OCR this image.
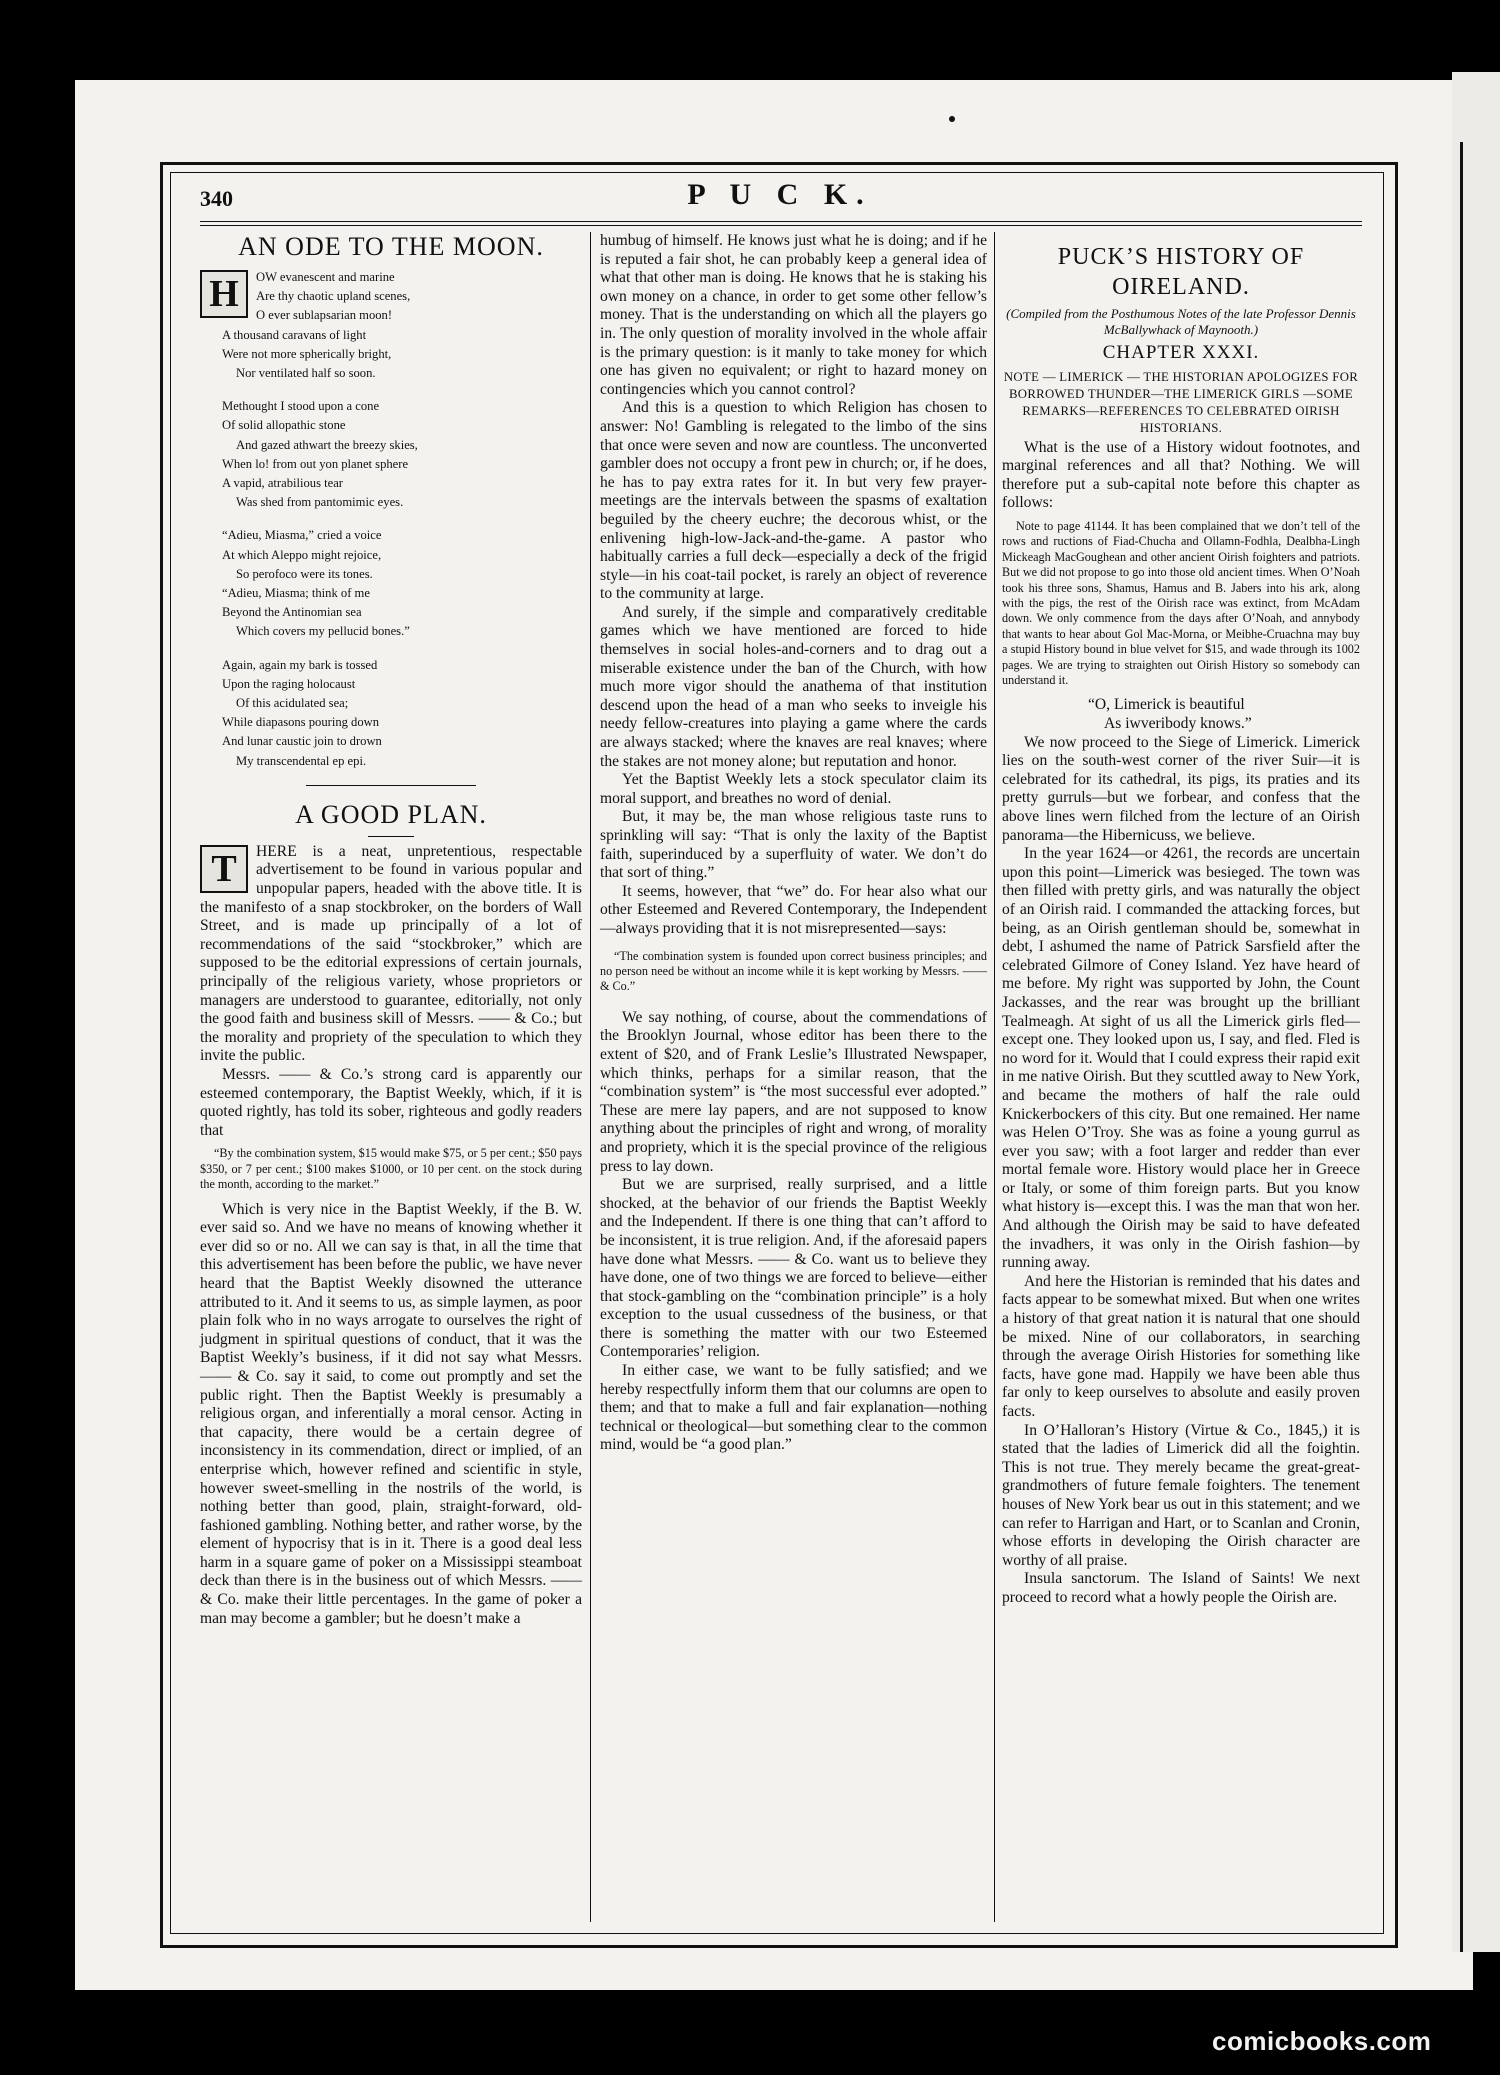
340	P U C K.
AN ODE TO THE MOON.
H	OW evanescent and marine
Are thy chaotic upland scenes,
O ever sublapsarian moon!
A thousand caravans of light
Were not more spherically bright,
Nor ventilated half so soon.
Methought I stood upon a cone
Of solid allopathic stone
And gazed athwart the breezy skies,
When lo! from out yon planet sphere
A vapid, atrabilious tear
Was shed from pantomimic eyes.
“Adieu, Miasma,” cried a voice
At which Aleppo might rejoice,
So perofoco were its tones.
“Adieu, Miasma; think of me
Beyond the Antinomian sea
Which covers my pellucid bones.”
Again, again my bark is tossed
Upon the raging holocaust
Of this acidulated sea;
While diapasons pouring down
And lunar caustic join to drown
My transcendental ep epi.
A GOOD PLAN.
T	HERE is a neat, unpretentious, respectable advertisement to be found in various popular and unpopular papers, headed with the above title. It is the manifesto of a snap stockbroker, on the borders of Wall Street, and is made up principally of a lot of recommendations of the said “stockbroker,” which are supposed to be the editorial expressions of certain journals, principally of the religious variety, whose proprietors or managers are understood to guarantee, editorially, not only the good faith and business skill of Messrs. —— & Co.; but the morality and propriety of the speculation to which they invite the public.

Messrs. —— & Co.’s strong card is apparently our esteemed contemporary, the Baptist Weekly, which, if it is quoted rightly, has told its sober, righteous and godly readers that

“By the combination system, $15 would make $75, or 5 per cent.; $50 pays $350, or 7 per cent.; $100 makes $1000, or 10 per cent. on the stock during the month, according to the market.”

Which is very nice in the Baptist Weekly, if the B. W. ever said so. And we have no means of knowing whether it ever did so or no. All we can say is that, in all the time that this advertisement has been before the public, we have never heard that the Baptist Weekly disowned the utterance attributed to it. And it seems to us, as simple laymen, as poor plain folk who in no ways arrogate to ourselves the right of judgment in spiritual questions of conduct, that it was the Baptist Weekly’s business, if it did not say what Messrs. —— & Co. say it said, to come out promptly and set the public right. Then the Baptist Weekly is presumably a religious organ, and inferentially a moral censor. Acting in that capacity, there would be a certain degree of inconsistency in its commendation, direct or implied, of an enterprise which, however refined and scientific in style, however sweet-smelling in the nostrils of the world, is nothing better than good, plain, straight-forward, old-fashioned gambling. Nothing better, and rather worse, by the element of hypocrisy that is in it. There is a good deal less harm in a square game of poker on a Mississippi steamboat deck than there is in the business out of which Messrs. —— & Co. make their little percentages. In the game of poker a man may become a gambler; but he doesn’t make a

humbug of himself. He knows just what he is doing; and if he is reputed a fair shot, he can probably keep a general idea of what that other man is doing. He knows that he is staking his own money on a chance, in order to get some other fellow’s money. That is the understanding on which all the players go in. The only question of morality involved in the whole affair is the primary question: is it manly to take money for which one has given no equivalent; or right to hazard money on contingencies which you cannot control?

And this is a question to which Religion has chosen to answer: No! Gambling is relegated to the limbo of the sins that once were seven and now are countless. The unconverted gambler does not occupy a front pew in church; or, if he does, he has to pay extra rates for it. In but very few prayer-meetings are the intervals between the spasms of exaltation beguiled by the cheery euchre; the decorous whist, or the enlivening high-low-Jack-and-the-game. A pastor who habitually carries a full deck—especially a deck of the frigid style—in his coat-tail pocket, is rarely an object of reverence to the community at large.

And surely, if the simple and comparatively creditable games which we have mentioned are forced to hide themselves in social holes-and-corners and to drag out a miserable existence under the ban of the Church, with how much more vigor should the anathema of that institution descend upon the head of a man who seeks to inveigle his needy fellow-creatures into playing a game where the cards are always stacked; where the knaves are real knaves; where the stakes are not money alone; but reputation and honor.

Yet the Baptist Weekly lets a stock speculator claim its moral support, and breathes no word of denial.

But, it may be, the man whose religious taste runs to sprinkling will say: “That is only the laxity of the Baptist faith, superinduced by a superfluity of water. We don’t do that sort of thing.”

It seems, however, that “we” do. For hear also what our other Esteemed and Revered Contemporary, the Independent—always providing that it is not misrepresented—says:

“The combination system is founded upon correct business principles; and no person need be without an income while it is kept working by Messrs. —— & Co.”

We say nothing, of course, about the commendations of the Brooklyn Journal, whose editor has been there to the extent of $20, and of Frank Leslie’s Illustrated Newspaper, which thinks, perhaps for a similar reason, that the “combination system” is “the most successful ever adopted.” These are mere lay papers, and are not supposed to know anything about the principles of right and wrong, of morality and propriety, which it is the special province of the religious press to lay down.

But we are surprised, really surprised, and a little shocked, at the behavior of our friends the Baptist Weekly and the Independent. If there is one thing that can’t afford to be inconsistent, it is true religion. And, if the aforesaid papers have done what Messrs. —— & Co. want us to believe they have done, one of two things we are forced to believe—either that stock-gambling on the “combination principle” is a holy exception to the usual cussedness of the business, or that there is something the matter with our two Esteemed Contemporaries’ religion.

In either case, we want to be fully satisfied; and we hereby respectfully inform them that our columns are open to them; and that to make a full and fair explanation—nothing technical or theological—but something clear to the common mind, would be “a good plan.”

PUCK’S HISTORY OF OIRELAND.
(Compiled from the Posthumous Notes of the late Professor Dennis McBallywhack of Maynooth.)
CHAPTER XXXI.
NOTE — LIMERICK — THE HISTORIAN APOLOGIZES FOR BORROWED THUNDER—THE LIMERICK GIRLS —SOME REMARKS—REFERENCES TO CELEBRATED OIRISH HISTORIANS.

What is the use of a History widout footnotes, and marginal references and all that? Nothing. We will therefore put a sub-capital note before this chapter as follows:

Note to page 41144. It has been complained that we don’t tell of the rows and ructions of Fiad-Chucha and Ollamn-Fodhla, Dealbha-Lingh Mickeagh MacGoughean and other ancient Oirish foighters and patriots. But we did not propose to go into those old ancient times. When O’Noah took his three sons, Shamus, Hamus and B. Jabers into his ark, along with the pigs, the rest of the Oirish race was extinct, from McAdam down. We only commence from the days after O’Noah, and annybody that wants to hear about Gol Mac-Morna, or Meibhe-Cruachna may buy a stupid History bound in blue velvet for $15, and wade through its 1002 pages. We are trying to straighten out Oirish History so somebody can understand it.

“O, Limerick is beautiful

As iwveribody knows.”

We now proceed to the Siege of Limerick. Limerick lies on the south-west corner of the river Suir—it is celebrated for its cathedral, its pigs, its praties and its pretty gurruls—but we forbear, and confess that the above lines wern filched from the lecture of an Oirish panorama—the Hibernicuss, we believe.

In the year 1624—or 4261, the records are uncertain upon this point—Limerick was besieged. The town was then filled with pretty girls, and was naturally the object of an Oirish raid. I commanded the attacking forces, but being, as an Oirish gentleman should be, somewhat in debt, I ashumed the name of Patrick Sarsfield after the celebrated Gilmore of Coney Island. Yez have heard of me before. My right was supported by John, the Count Jackasses, and the rear was brought up the brilliant Tealmeagh. At sight of us all the Limerick girls fled—except one. They looked upon us, I say, and fled. Fled is no word for it. Would that I could express their rapid exit in me native Oirish. But they scuttled away to New York, and became the mothers of half the rale ould Knickerbockers of this city. But one remained. Her name was Helen O’Troy. She was as foine a young gurrul as ever you saw; with a foot larger and redder than ever mortal female wore. History would place her in Greece or Italy, or some of thim foreign parts. But you know what history is—except this. I was the man that won her. And although the Oirish may be said to have defeated the invadhers, it was only in the Oirish fashion—by running away.

And here the Historian is reminded that his dates and facts appear to be somewhat mixed. But when one writes a history of that great nation it is natural that one should be mixed. Nine of our collaborators, in searching through the average Oirish Histories for something like facts, have gone mad. Happily we have been able thus far only to keep ourselves to absolute and easily proven facts.

In O’Halloran’s History (Virtue & Co., 1845,) it is stated that the ladies of Limerick did all the foightin. This is not true. They merely became the great-great-grandmothers of future female foighters. The tenement houses of New York bear us out in this statement; and we can refer to Harrigan and Hart, or to Scanlan and Cronin, whose efforts in developing the Oirish character are worthy of all praise.

Insula sanctorum. The Island of Saints! We next proceed to record what a howly people the Oirish are.

comicbooks.com
